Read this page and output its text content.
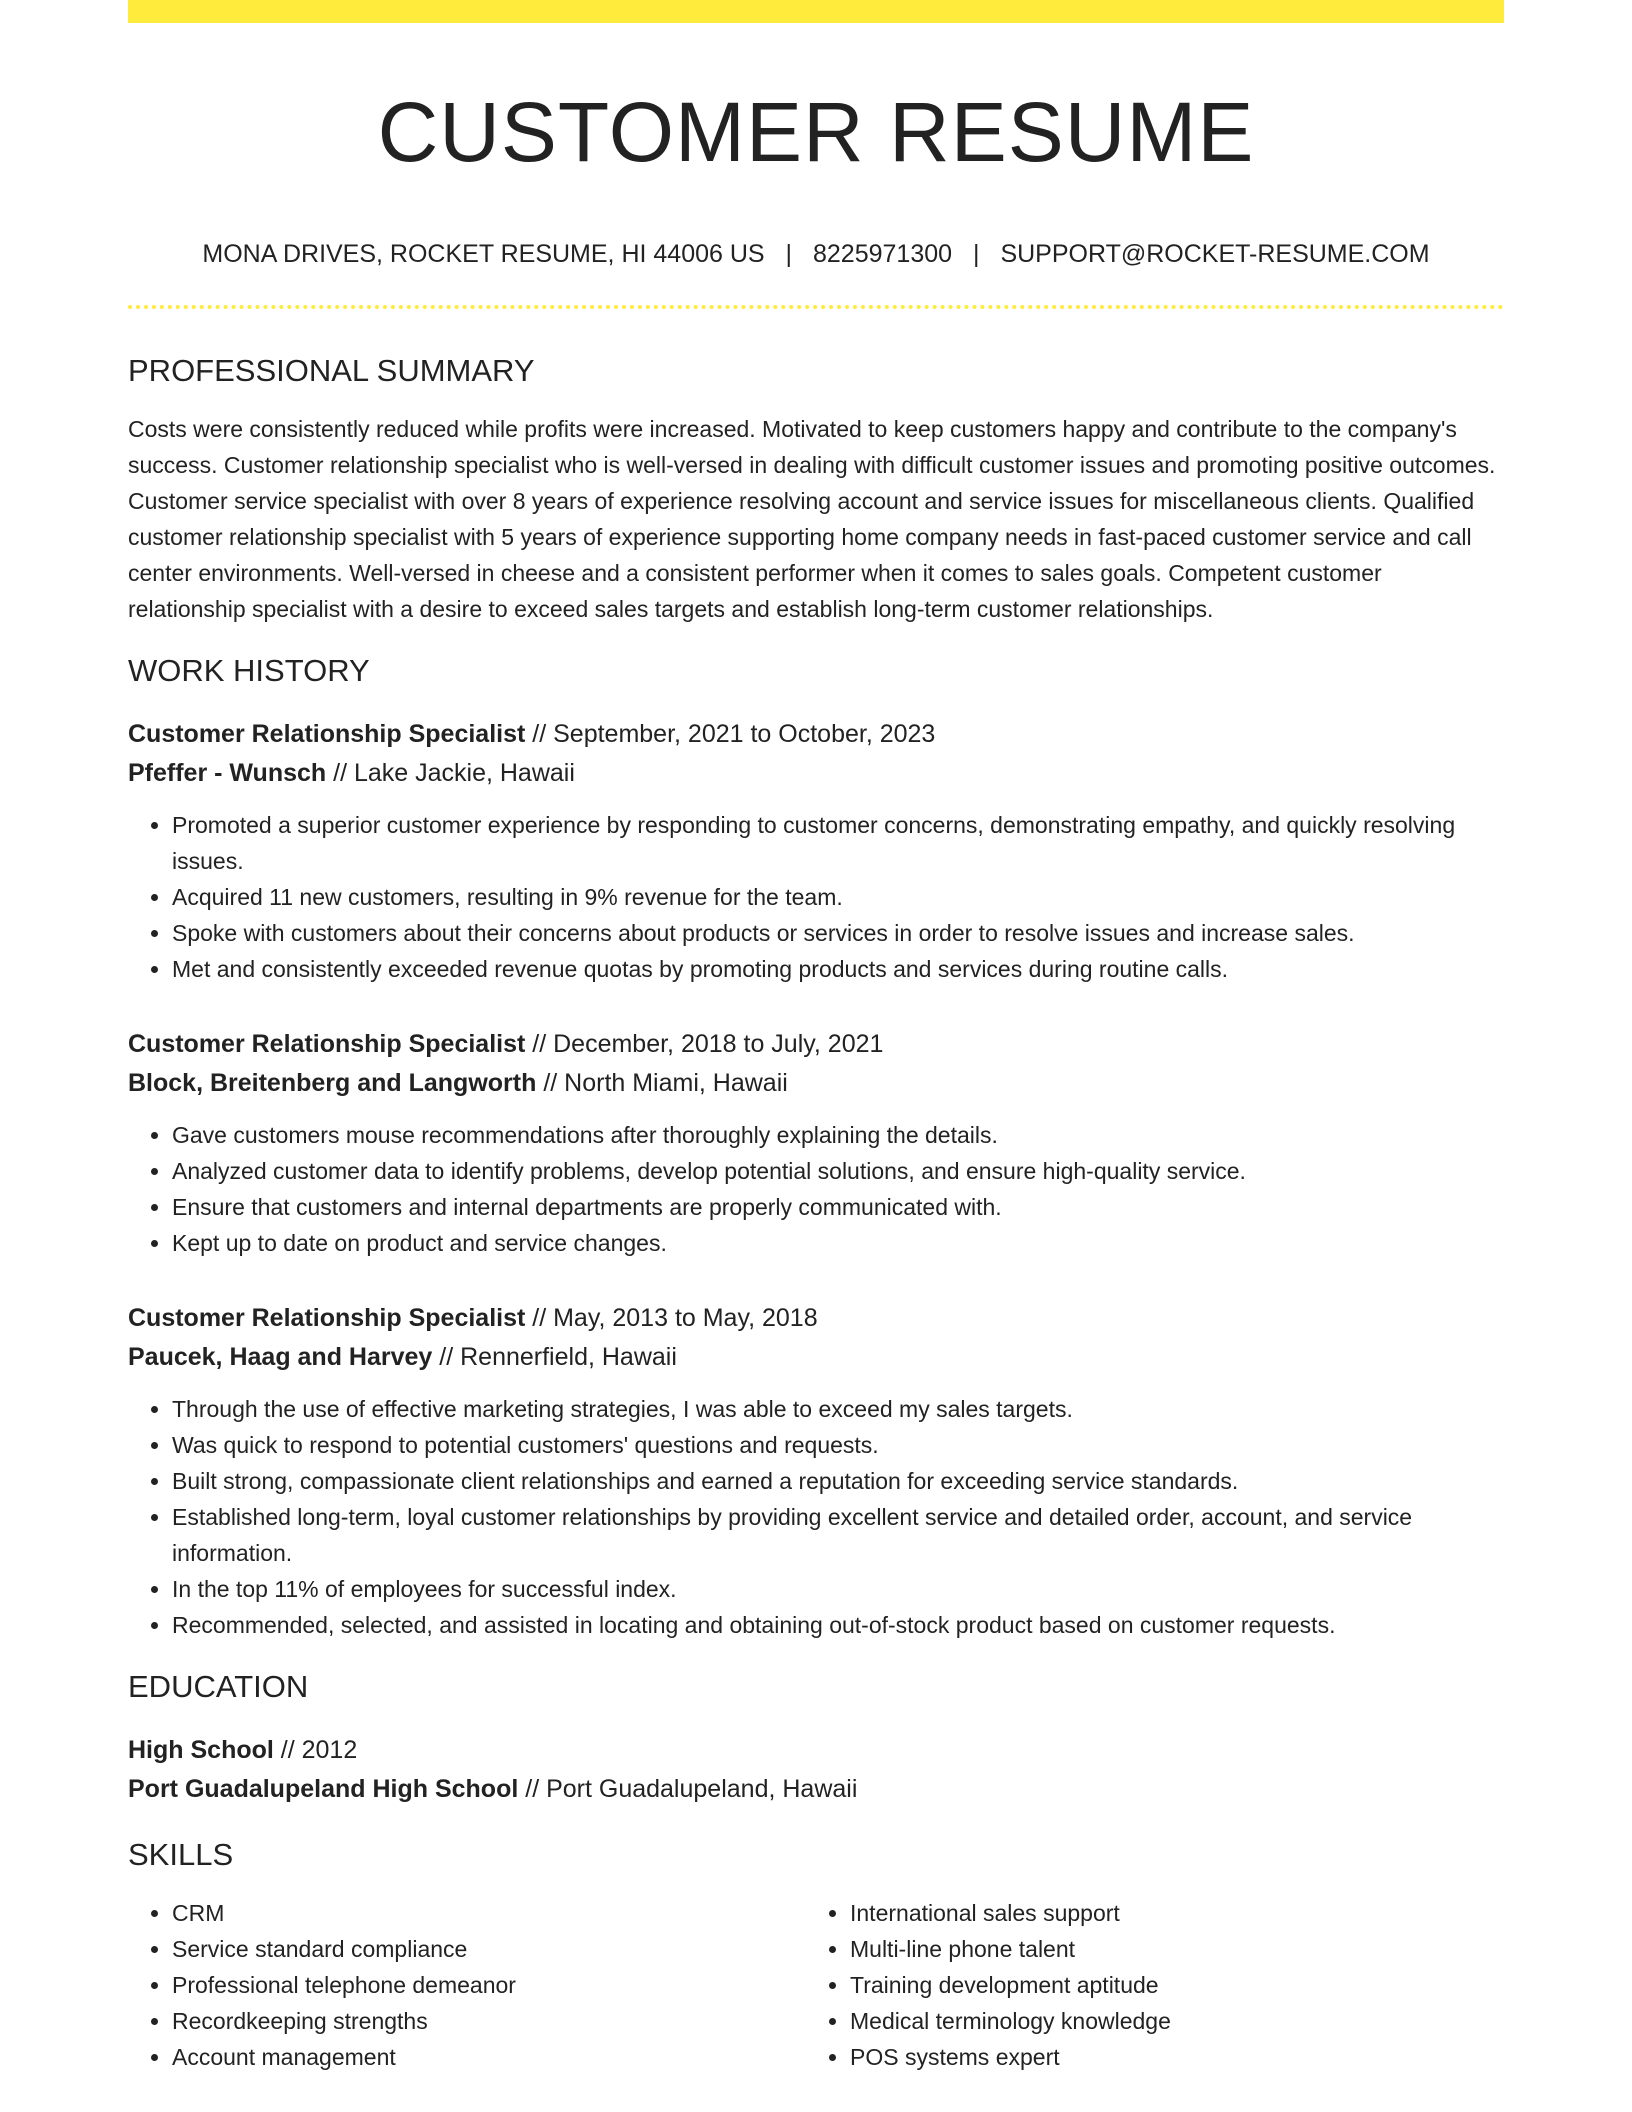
CUSTOMER RESUME
MONA DRIVES, ROCKET RESUME, HI 44006 US | 8225971300 | SUPPORT@ROCKET-RESUME.COM
PROFESSIONAL SUMMARY
Costs were consistently reduced while profits were increased. Motivated to keep customers happy and contribute to the company's success. Customer relationship specialist who is well-versed in dealing with difficult customer issues and promoting positive outcomes. Customer service specialist with over 8 years of experience resolving account and service issues for miscellaneous clients. Qualified customer relationship specialist with 5 years of experience supporting home company needs in fast-paced customer service and call center environments. Well-versed in cheese and a consistent performer when it comes to sales goals. Competent customer relationship specialist with a desire to exceed sales targets and establish long-term customer relationships.
WORK HISTORY
Customer Relationship Specialist // September, 2021 to October, 2023
Pfeffer - Wunsch // Lake Jackie, Hawaii
• Promoted a superior customer experience by responding to customer concerns, demonstrating empathy, and quickly resolving issues.
• Acquired 11 new customers, resulting in 9% revenue for the team.
• Spoke with customers about their concerns about products or services in order to resolve issues and increase sales.
• Met and consistently exceeded revenue quotas by promoting products and services during routine calls.
Customer Relationship Specialist // December, 2018 to July, 2021
Block, Breitenberg and Langworth // North Miami, Hawaii
• Gave customers mouse recommendations after thoroughly explaining the details.
• Analyzed customer data to identify problems, develop potential solutions, and ensure high-quality service.
• Ensure that customers and internal departments are properly communicated with.
• Kept up to date on product and service changes.
Customer Relationship Specialist // May, 2013 to May, 2018
Paucek, Haag and Harvey // Rennerfield, Hawaii
• Through the use of effective marketing strategies, I was able to exceed my sales targets.
• Was quick to respond to potential customers' questions and requests.
• Built strong, compassionate client relationships and earned a reputation for exceeding service standards.
• Established long-term, loyal customer relationships by providing excellent service and detailed order, account, and service information.
• In the top 11% of employees for successful index.
• Recommended, selected, and assisted in locating and obtaining out-of-stock product based on customer requests.
EDUCATION
High School // 2012
Port Guadalupeland High School // Port Guadalupeland, Hawaii
SKILLS
• CRM
• Service standard compliance
• Professional telephone demeanor
• Recordkeeping strengths
• Account management
• International sales support
• Multi-line phone talent
• Training development aptitude
• Medical terminology knowledge
• POS systems expert
